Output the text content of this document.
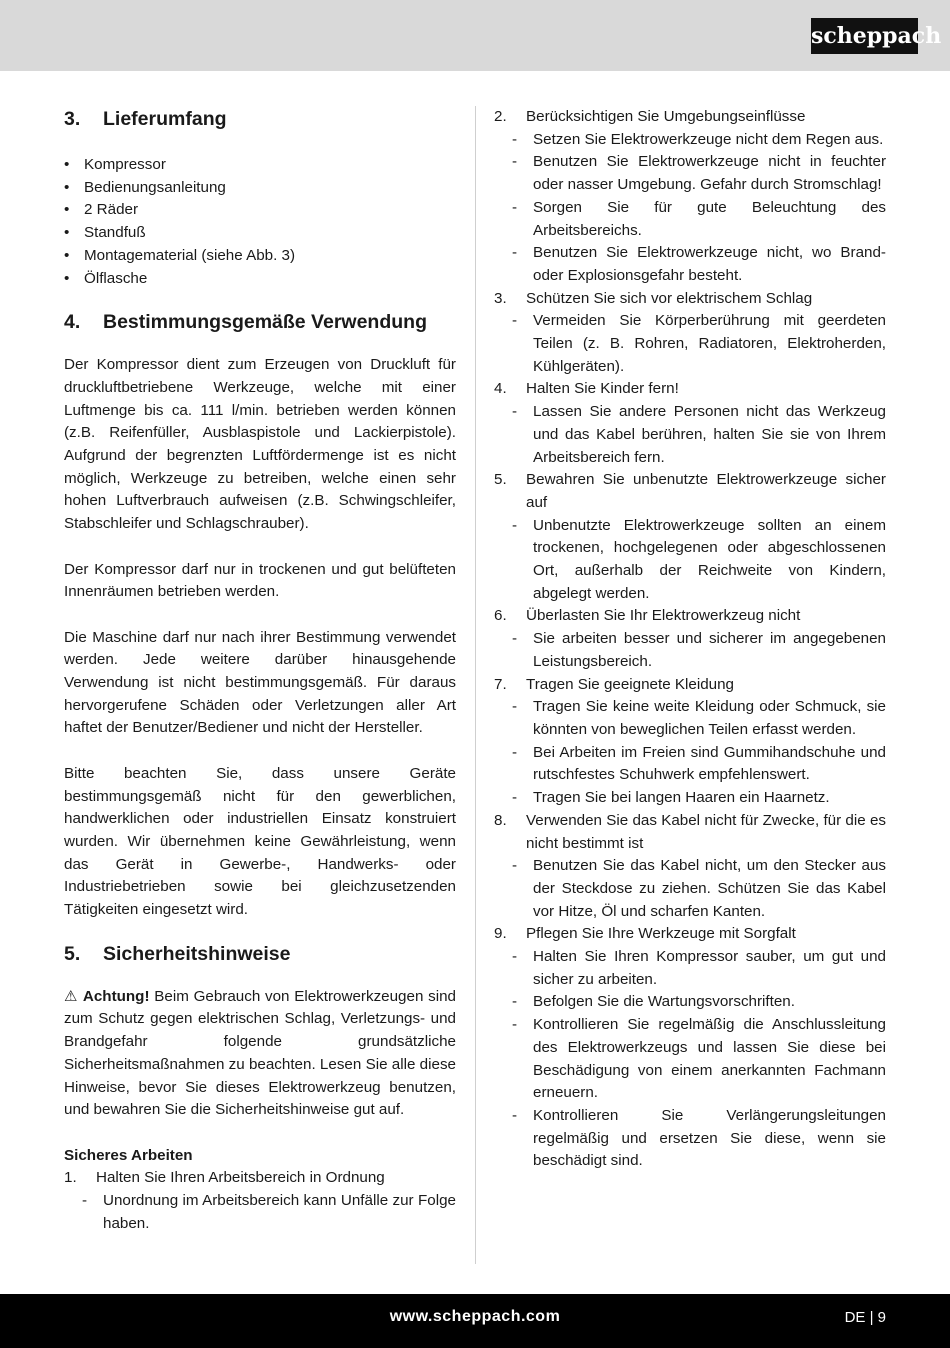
scheppach
3.	Lieferumfang
• Kompressor
• Bedienungsanleitung
• 2 Räder
• Standfuß
• Montagematerial (siehe Abb. 3)
• Ölflasche
4.	Bestimmungsgemäße Verwendung

Der Kompressor dient zum Erzeugen von Druckluft für druckluftbetriebene Werkzeuge, welche mit einer Luftmenge bis ca. 111 l/min. betrieben werden können (z.B. Reifenfüller, Ausblaspistole und Lackierpistole). Aufgrund der begrenzten Luftfördermenge ist es nicht möglich, Werkzeuge zu betreiben, welche einen sehr hohen Luftverbrauch aufweisen (z.B. Schwingschleifer, Stabschleifer und Schlagschrauber).

Der Kompressor darf nur in trockenen und gut belüfteten Innenräumen betrieben werden.

Die Maschine darf nur nach ihrer Bestimmung verwendet werden. Jede weitere darüber hinausgehende Verwendung ist nicht bestimmungsgemäß. Für daraus hervorgerufene Schäden oder Verletzungen aller Art haftet der Benutzer/Bediener und nicht der Hersteller.

Bitte beachten Sie, dass unsere Geräte bestimmungsgemäß nicht für den gewerblichen, handwerklichen oder industriellen Einsatz konstruiert wurden. Wir übernehmen keine Gewährleistung, wenn das Gerät in Gewerbe-, Handwerks- oder Industriebetrieben sowie bei gleichzusetzenden Tätigkeiten eingesetzt wird.

5.	Sicherheitshinweise

⚠ Achtung! Beim Gebrauch von Elektrowerkzeugen sind zum Schutz gegen elektrischen Schlag, Verletzungs- und Brandgefahr folgende grundsätzliche Sicherheitsmaßnahmen zu beachten. Lesen Sie alle diese Hinweise, bevor Sie dieses Elektrowerkzeug benutzen, und bewahren Sie die Sicherheitshinweise gut auf.

Sicheres Arbeiten
1.	Halten Sie Ihren Arbeitsbereich in Ordnung
-	Unordnung im Arbeitsbereich kann Unfälle zur Folge haben.
2.	Berücksichtigen Sie Umgebungseinflüsse
-	Setzen Sie Elektrowerkzeuge nicht dem Regen aus.
-	Benutzen Sie Elektrowerkzeuge nicht in feuchter oder nasser Umgebung. Gefahr durch Stromschlag!
-	Sorgen Sie für gute Beleuchtung des Arbeitsbereichs.
-	Benutzen Sie Elektrowerkzeuge nicht, wo Brand- oder Explosionsgefahr besteht.
3.	Schützen Sie sich vor elektrischem Schlag
-	Vermeiden Sie Körperberührung mit geerdeten Teilen (z. B. Rohren, Radiatoren, Elektroherden, Kühlgeräten).
4.	Halten Sie Kinder fern!
-	Lassen Sie andere Personen nicht das Werkzeug und das Kabel berühren, halten Sie sie von Ihrem Arbeitsbereich fern.
5.	Bewahren Sie unbenutzte Elektrowerkzeuge sicher auf
-	Unbenutzte Elektrowerkzeuge sollten an einem trockenen, hochgelegenen oder abgeschlossenen Ort, außerhalb der Reichweite von Kindern, abgelegt werden.
6.	Überlasten Sie Ihr Elektrowerkzeug nicht
-	Sie arbeiten besser und sicherer im angegebenen Leistungsbereich.
7.	Tragen Sie geeignete Kleidung
-	Tragen Sie keine weite Kleidung oder Schmuck, sie könnten von beweglichen Teilen erfasst werden.
-	Bei Arbeiten im Freien sind Gummihandschuhe und rutschfestes Schuhwerk empfehlenswert.
-	Tragen Sie bei langen Haaren ein Haarnetz.
8.	Verwenden Sie das Kabel nicht für Zwecke, für die es nicht bestimmt ist
-	Benutzen Sie das Kabel nicht, um den Stecker aus der Steckdose zu ziehen. Schützen Sie das Kabel vor Hitze, Öl und scharfen Kanten.
9.	Pflegen Sie Ihre Werkzeuge mit Sorgfalt
-	Halten Sie Ihren Kompressor sauber, um gut und sicher zu arbeiten.
-	Befolgen Sie die Wartungsvorschriften.
-	Kontrollieren Sie regelmäßig die Anschlussleitung des Elektrowerkzeugs und lassen Sie diese bei Beschädigung von einem anerkannten Fachmann erneuern.
-	Kontrollieren Sie Verlängerungsleitungen regelmäßig und ersetzen Sie diese, wenn sie beschädigt sind.
www.scheppach.com	DE | 9
